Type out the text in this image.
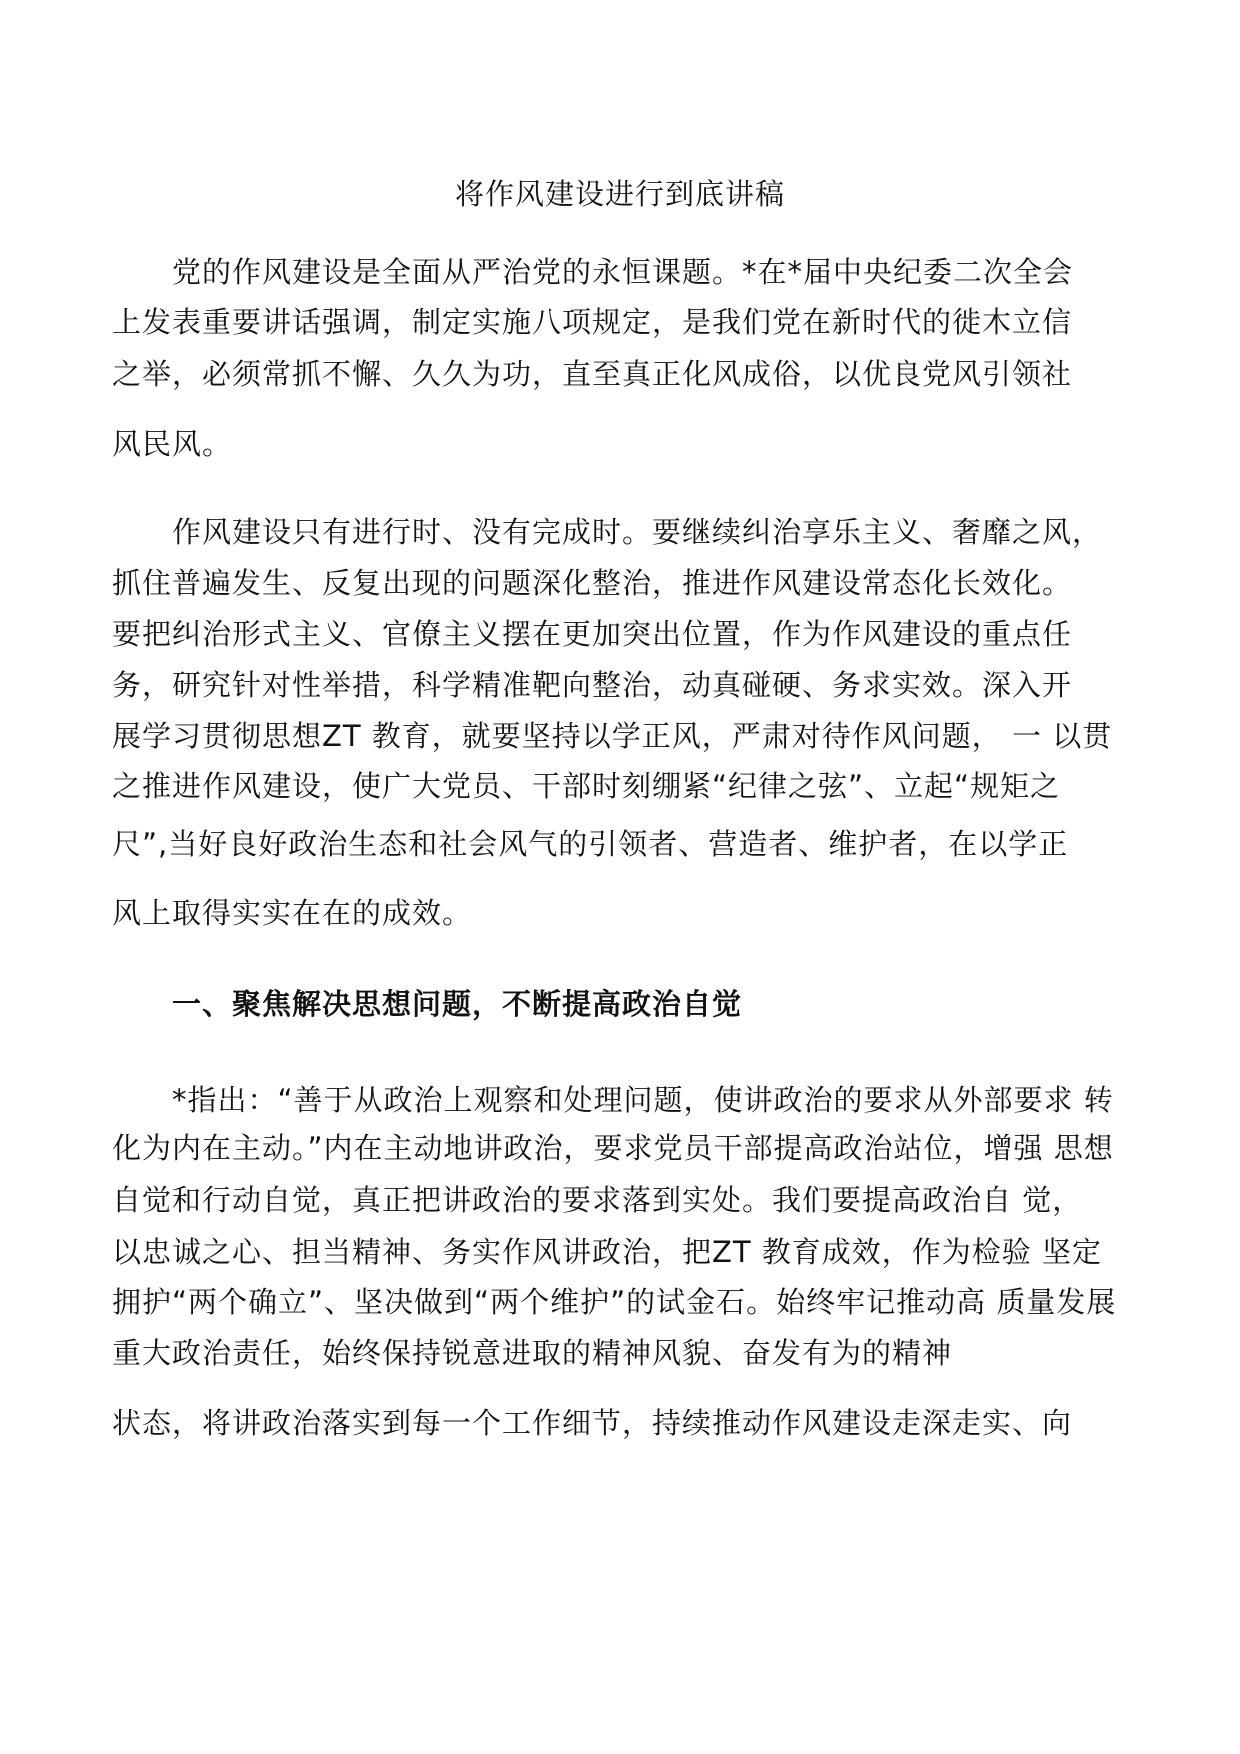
将作风建设进行到底讲稿
党的作风建设是全面从严治党的永恒课题。*在*届中央纪委二次全会
上发表重要讲话强调，制定实施八项规定，是我们党在新时代的徙木立信
之举，必须常抓不懈、久久为功，直至真正化风成俗，以优良党风引领社
风民风。
作风建设只有进行时、没有完成时。要继续纠治享乐主义、奢靡之风，
抓住普遍发生、反复出现的问题深化整治，推进作风建设常态化长效化。
要把纠治形式主义、官僚主义摆在更加突出位置，作为作风建设的重点任
务，研究针对性举措，科学精准靶向整治，动真碰硬、务求实效。深入开
展学习贯彻思想ZT 教育，就要坚持以学正风，严肃对待作风问题， 一 以贯
之推进作风建设，使广大党员、干部时刻绷紧“纪律之弦”、立起“规矩之
尺”,当好良好政治生态和社会风气的引领者、营造者、维护者，在以学正
风上取得实实在在的成效。
一、聚焦解决思想问题，不断提高政治自觉
*指出：“善于从政治上观察和处理问题，使讲政治的要求从外部要求 转
化为内在主动。”内在主动地讲政治，要求党员干部提高政治站位，增强 思想
自觉和行动自觉，真正把讲政治的要求落到实处。我们要提高政治自 觉，
以忠诚之心、担当精神、务实作风讲政治，把ZT 教育成效，作为检验 坚定
拥护“两个确立”、坚决做到“两个维护”的试金石。始终牢记推动高 质量发展
重大政治责任，始终保持锐意进取的精神风貌、奋发有为的精神
状态，将讲政治落实到每一个工作细节，持续推动作风建设走深走实、向
